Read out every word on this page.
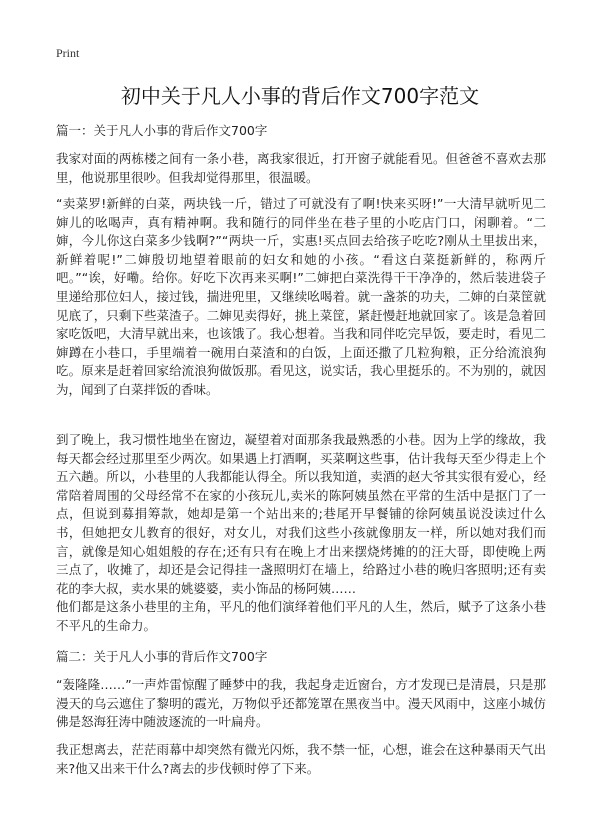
Print
初中关于凡人小事的背后作文700字范文
篇一：关于凡人小事的背后作文700字
我家对面的两栋楼之间有一条小巷，离我家很近，打开窗子就能看见。但爸爸不喜欢去那里，他说那里很吵。但我却觉得那里，很温暖。
“卖菜罗!新鲜的白菜，两块钱一斤，错过了可就没有了啊!快来买呀!”一大清早就听见二婶儿的吆喝声，真有精神啊。我和随行的同伴坐在巷子里的小吃店门口，闲聊着。“二婶，今儿你这白菜多少钱啊?”“两块一斤，实惠!买点回去给孩子吃吃?刚从土里拔出来，新鲜着呢!”二婶殷切地望着眼前的妇女和她的小孩。“看这白菜挺新鲜的，称两斤吧。”“诶，好嘞。给你。好吃下次再来买啊!”二婶把白菜洗得干干净净的，然后装进袋子里递给那位妇人，接过钱，揣进兜里，又继续吆喝着。就一盏茶的功夫，二婶的白菜筐就见底了，只剩下些菜渣子。二婶见卖得好，挑上菜筐，紧赶慢赶地就回家了。该是急着回家吃饭吧，大清早就出来，也该饿了。我心想着。当我和同伴吃完早饭，要走时，看见二婶蹲在小巷口，手里端着一碗用白菜渣和的白饭，上面还撒了几粒狗粮，正分给流浪狗吃。原来是赶着回家给流浪狗做饭那。看见这，说实话，我心里挺乐的。不为别的，就因为，闻到了白菜拌饭的香味。
到了晚上，我习惯性地坐在窗边，凝望着对面那条我最熟悉的小巷。因为上学的缘故，我每天都会经过那里至少两次。如果遇上打酒啊，买菜啊这些事，估计我每天至少得走上个五六趟。所以，小巷里的人我都能认得全。所以我知道，卖酒的赵大爷其实很有爱心，经常陪着周围的父母经常不在家的小孩玩儿,卖米的陈阿姨虽然在平常的生活中是抠门了一点，但说到募捐筹款，她却是第一个站出来的;巷尾开早餐铺的徐阿姨虽说没读过什么书，但她把女儿教育的很好，对女儿，对我们这些小孩就像朋友一样，所以她对我们而言，就像是知心姐姐般的存在;还有只有在晚上才出来摆烧烤摊的的汪大哥，即使晚上两三点了，收摊了，却还是会记得挂一盏照明灯在墙上，给路过小巷的晚归客照明;还有卖花的李大叔，卖水果的姚婆婆，卖小饰品的杨阿姨……
他们都是这条小巷里的主角，平凡的他们演绎着他们平凡的人生，然后，赋予了这条小巷不平凡的生命力。
篇二：关于凡人小事的背后作文700字
“轰隆隆……”一声炸雷惊醒了睡梦中的我，我起身走近窗台，方才发现已是清晨，只是那漫天的乌云遮住了黎明的霞光，万物似乎还都笼罩在黑夜当中。漫天风雨中，这座小城仿佛是怒海狂涛中随波逐流的一叶扁舟。
我正想离去，茫茫雨幕中却突然有微光闪烁，我不禁一怔，心想，谁会在这种暴雨天气出来?他又出来干什么?离去的步伐顿时停了下来。
